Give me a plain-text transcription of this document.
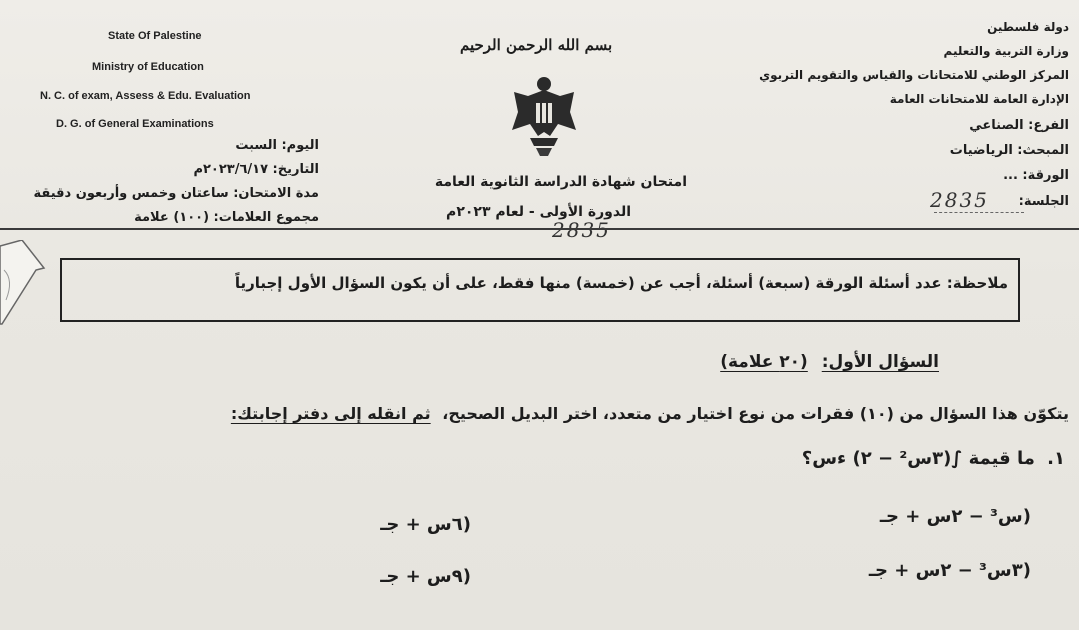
State Of Palestine
Ministry of Education
N. C. of exam, Assess & Edu. Evaluation
D. G. of General Examinations
اليوم: السبت
التاريخ: ٢٠٢٣/٦/١٧م
مدة الامتحان: ساعتان وخمس وأربعون دقيقة
مجموع العلامات: (١٠٠) علامة
بسم الله الرحمن الرحيم
امتحان شهادة الدراسة الثانوية العامة
الدورة الأولى - لعام ٢٠٢٣م
2835
دولة فلسطين
وزارة التربية والتعليم
المركز الوطني للامتحانات والقياس والتقويم التربوي
الإدارة العامة للامتحانات العامة
الفرع: الصناعي
المبحث: الرياضيات
الورقة: ...
الجلسة:
2835
ملاحظة: عدد أسئلة الورقة (سبعة) أسئلة، أجب عن (خمسة) منها فقط، على أن يكون السؤال الأول إجبارياً
السؤال الأول: (٢٠ علامة)
يتكوّن هذا السؤال من (١٠) فقرات من نوع اختيار من متعدد، اختر البديل الصحيح، ثم انقله إلى دفتر إجابتك:
١. ما قيمة ∫(٣س² − ٢) ءس؟
(س³ − ٢س + جـ
(٦س + جـ
(٣س³ − ٢س + جـ
(٩س + جـ
